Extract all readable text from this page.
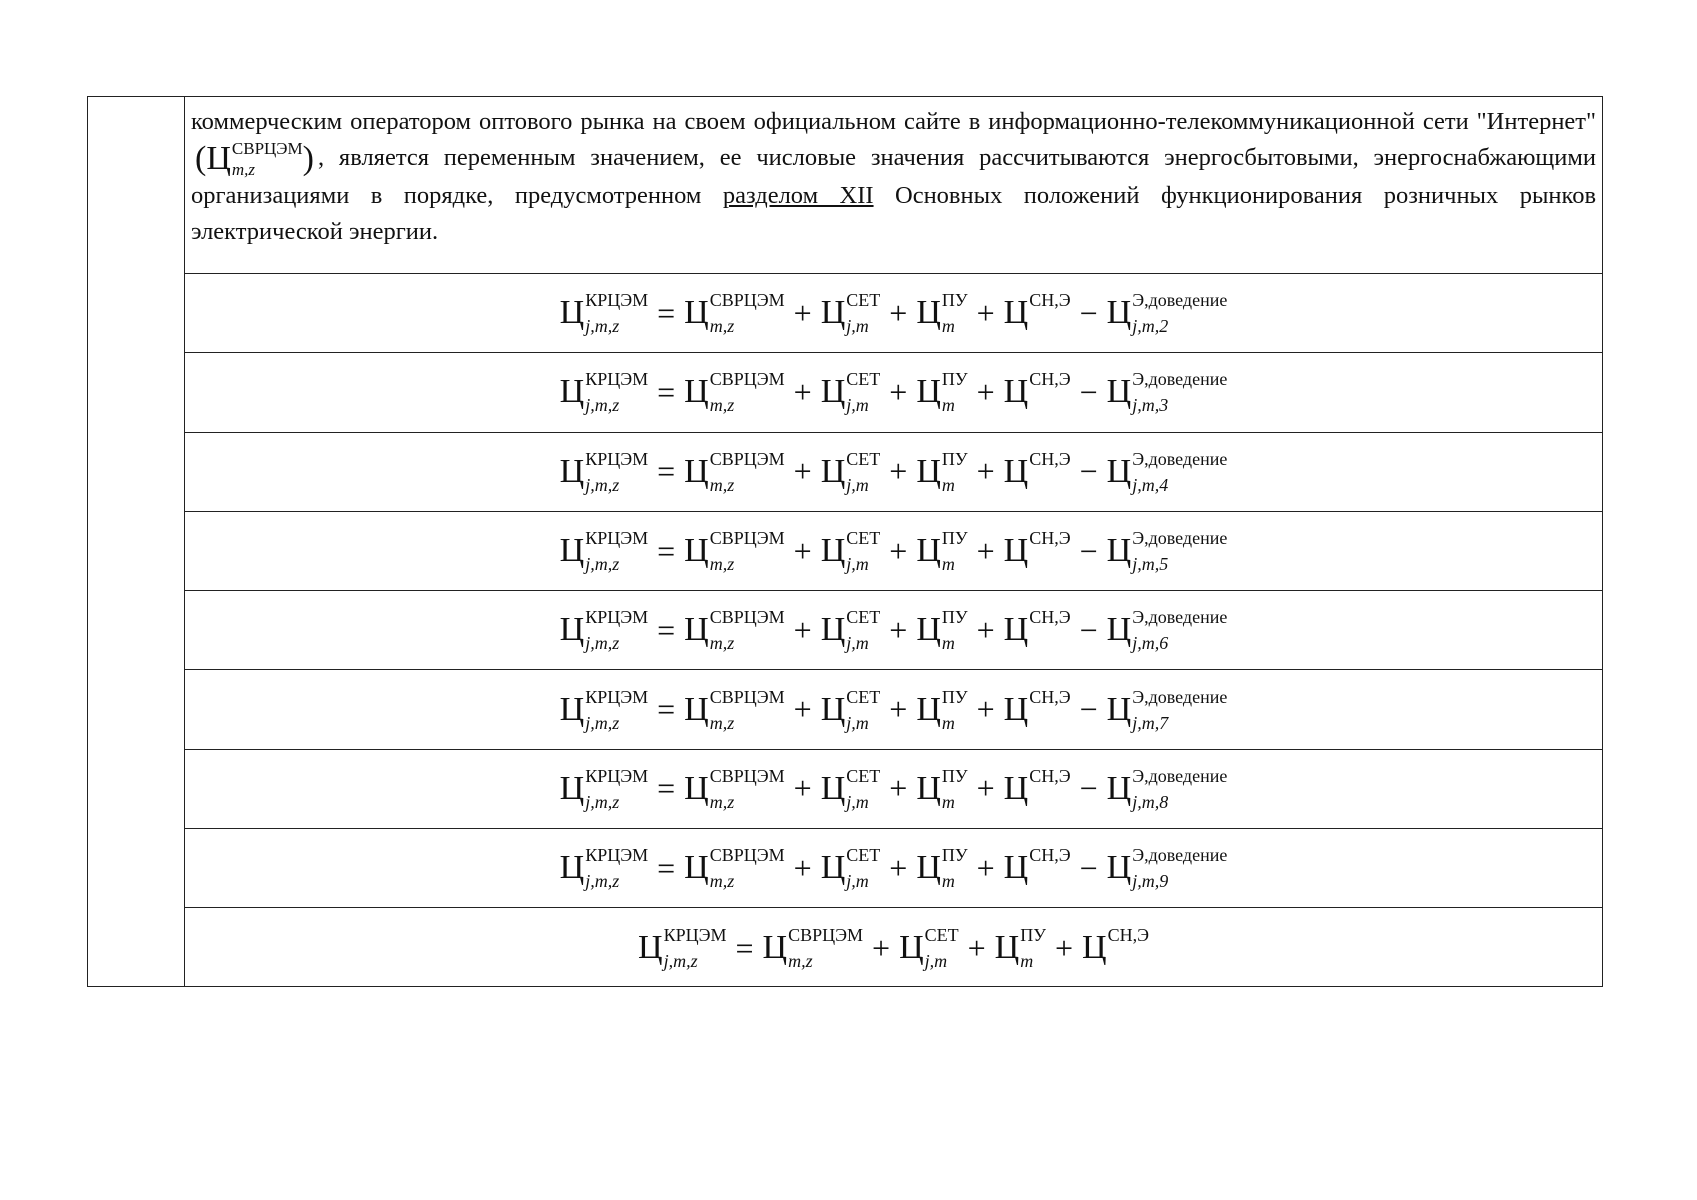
коммерческим оператором оптового рынка на своем официальном сайте в информационно-телекоммуникационной сети "Интернет"
( Ц СВРЦЭМ
m,z	) , является переменным значением, ее числовые значения рассчитываются энергосбытовыми, энергоснабжающими организациями в порядке, предусмотренном разделом XII Основных положений функционирования розничных рынков электрической энергии.

Ц КРЦЭМ
j,m,z	= Ц СВРЦЭМ
m,z	+ Ц СЕТ
j,m + Ц ПУ
m + Ц СН,Э
− Ц Э,доведение
j,m,2
Ц КРЦЭМ
j,m,z	= Ц СВРЦЭМ
m,z	+ Ц СЕТ
j,m + Ц ПУ
m + Ц СН,Э
− Ц Э,доведение
j,m,3
Ц КРЦЭМ
j,m,z	= Ц СВРЦЭМ
m,z	+ Ц СЕТ
j,m + Ц ПУ
m + Ц СН,Э
− Ц Э,доведение
j,m,4
Ц КРЦЭМ
j,m,z	= Ц СВРЦЭМ
m,z	+ Ц СЕТ
j,m + Ц ПУ
m + Ц СН,Э
− Ц Э,доведение
j,m,5
Ц КРЦЭМ
j,m,z	= Ц СВРЦЭМ
m,z	+ Ц СЕТ
j,m + Ц ПУ
m + Ц СН,Э
− Ц Э,доведение
j,m,6
Ц КРЦЭМ
j,m,z	= Ц СВРЦЭМ
m,z	+ Ц СЕТ
j,m + Ц ПУ
m + Ц СН,Э
− Ц Э,доведение
j,m,7
Ц КРЦЭМ
j,m,z	= Ц СВРЦЭМ
m,z	+ Ц СЕТ
j,m + Ц ПУ
m + Ц СН,Э
− Ц Э,доведение
j,m,8
Ц КРЦЭМ
j,m,z	= Ц СВРЦЭМ
m,z	+ Ц СЕТ
j,m + Ц ПУ
m + Ц СН,Э
− Ц Э,доведение
j,m,9
Ц КРЦЭМ
j,m,z	= Ц СВРЦЭМ
m,z	+ Ц СЕТ
j,m + Ц ПУ
m + Ц СН,Э
